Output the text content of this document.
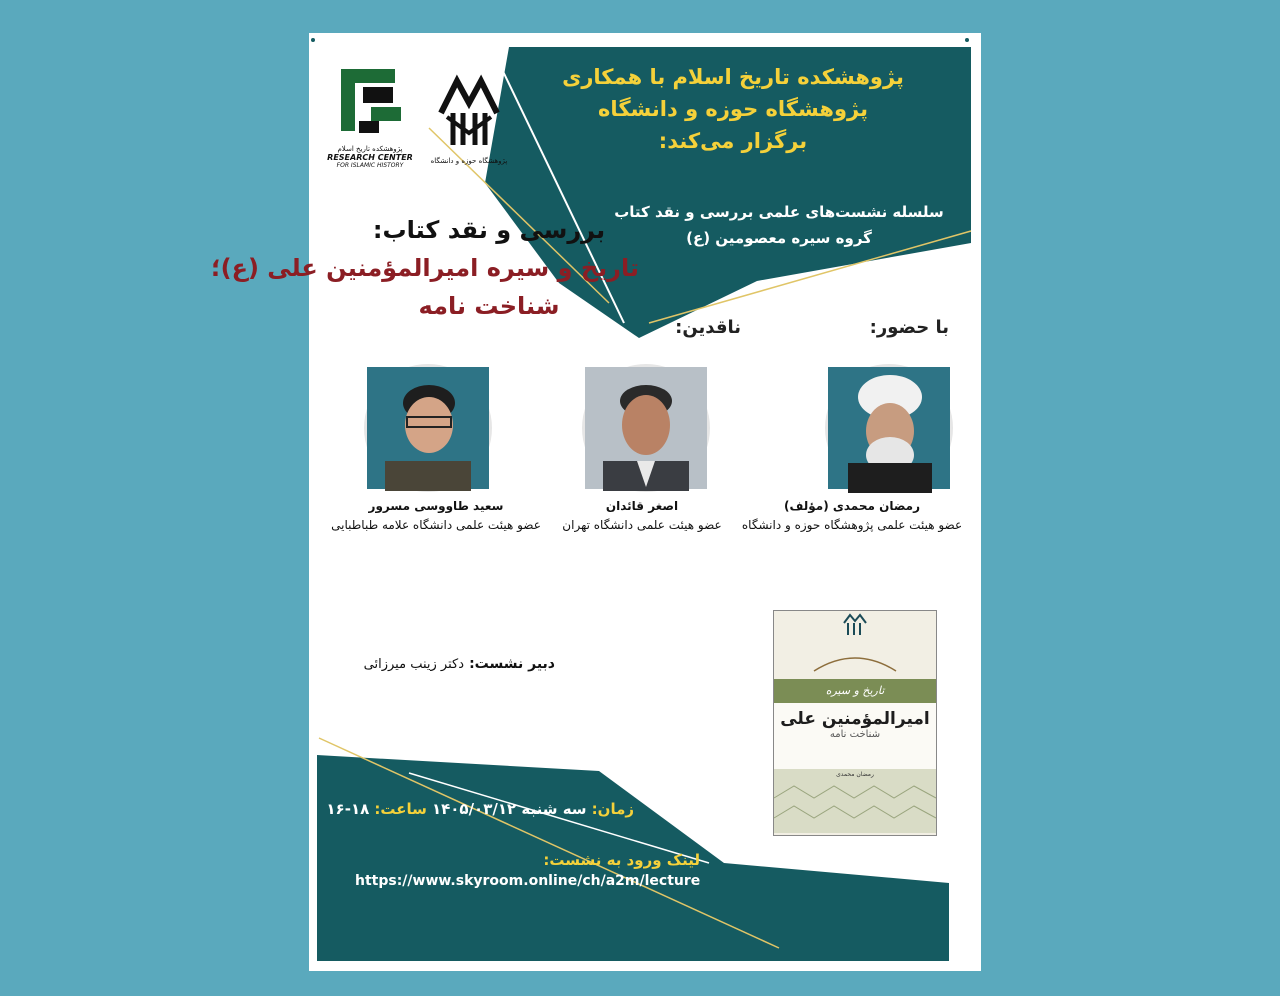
پژوهشکده تاریخ اسلام
RESEARCH CENTER
FOR ISLAMIC HISTORY
پژوهشگاه حوزه و دانشگاه
پژوهشکده تاریخ اسلام با همکاری
پژوهشگاه حوزه و دانشگاه
برگزار می‌کند:
سلسله نشست‌های علمی بررسی و نقد کتاب
گروه سیره معصومین (ع)
بررسی و نقد کتاب:
تاریخ و سیره امیرالمؤمنین علی (ع)؛
شناخت نامه
با حضور:
ناقدین:
رمضان محمدی (مؤلف)
عضو هیئت علمی پژوهشگاه حوزه و دانشگاه
اصغر قائدان
عضو هیئت علمی دانشگاه تهران
سعید طاووسی مسرور
عضو هیئت علمی دانشگاه علامه طباطبایی
دبیر نشست: دکتر زینب میرزائی
تاریخ و سیره
امیرالمؤمنین علی
شناخت نامه
رمضان محمدی
زمان: سه شنبه ۱۴۰۵/۰۳/۱۲ ساعت: ۱۸-۱۶
لینک ورود به نشست:
https://www.skyroom.online/ch/a2m/lecture
